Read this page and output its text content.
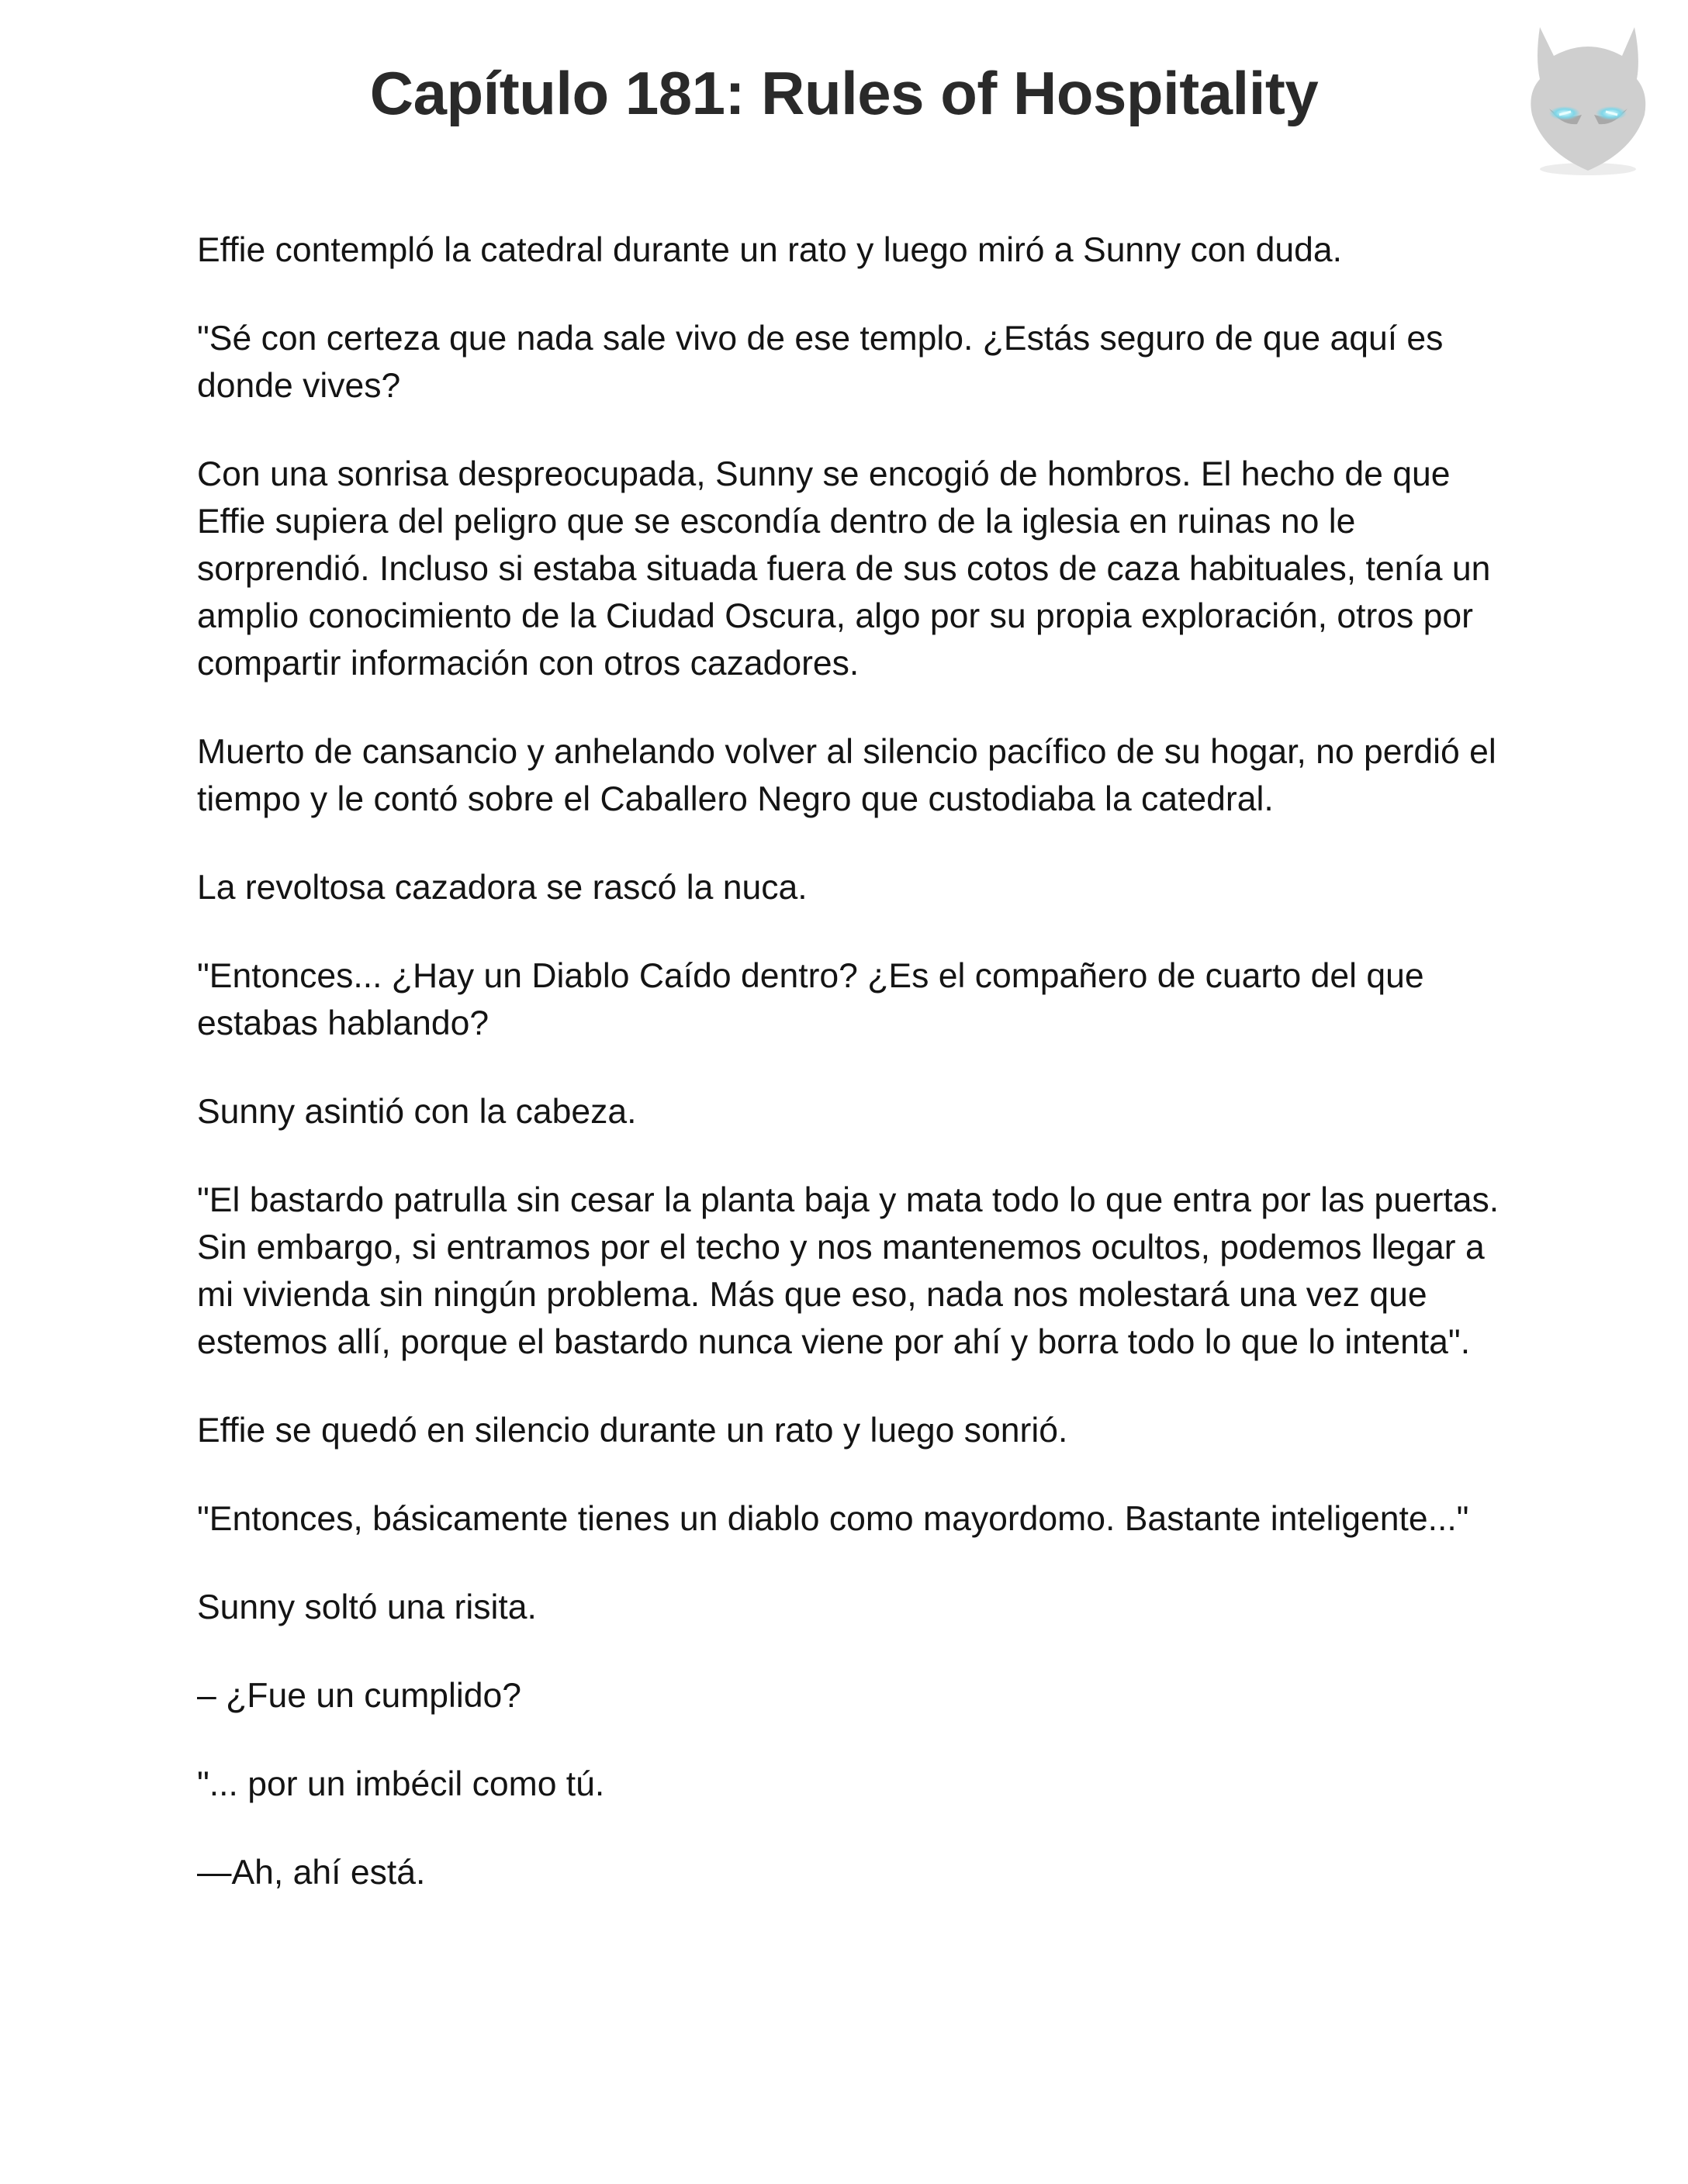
Capítulo 181: Rules of Hospitality

Effie contempló la catedral durante un rato y luego miró a Sunny con duda.

"Sé con certeza que nada sale vivo de ese templo. ¿Estás seguro de que aquí es donde vives?

Con una sonrisa despreocupada, Sunny se encogió de hombros. El hecho de que Effie supiera del peligro que se escondía dentro de la iglesia en ruinas no le sorprendió. Incluso si estaba situada fuera de sus cotos de caza habituales, tenía un amplio conocimiento de la Ciudad Oscura, algo por su propia exploración, otros por compartir información con otros cazadores.

Muerto de cansancio y anhelando volver al silencio pacífico de su hogar, no perdió el tiempo y le contó sobre el Caballero Negro que custodiaba la catedral.

La revoltosa cazadora se rascó la nuca.

"Entonces... ¿Hay un Diablo Caído dentro? ¿Es el compañero de cuarto del que estabas hablando?

Sunny asintió con la cabeza.

"El bastardo patrulla sin cesar la planta baja y mata todo lo que entra por las puertas. Sin embargo, si entramos por el techo y nos mantenemos ocultos, podemos llegar a mi vivienda sin ningún problema. Más que eso, nada nos molestará una vez que estemos allí, porque el bastardo nunca viene por ahí y borra todo lo que lo intenta".

Effie se quedó en silencio durante un rato y luego sonrió.

"Entonces, básicamente tienes un diablo como mayordomo. Bastante inteligente..."

Sunny soltó una risita.

– ¿Fue un cumplido?

"... por un imbécil como tú.

—Ah, ahí está.
